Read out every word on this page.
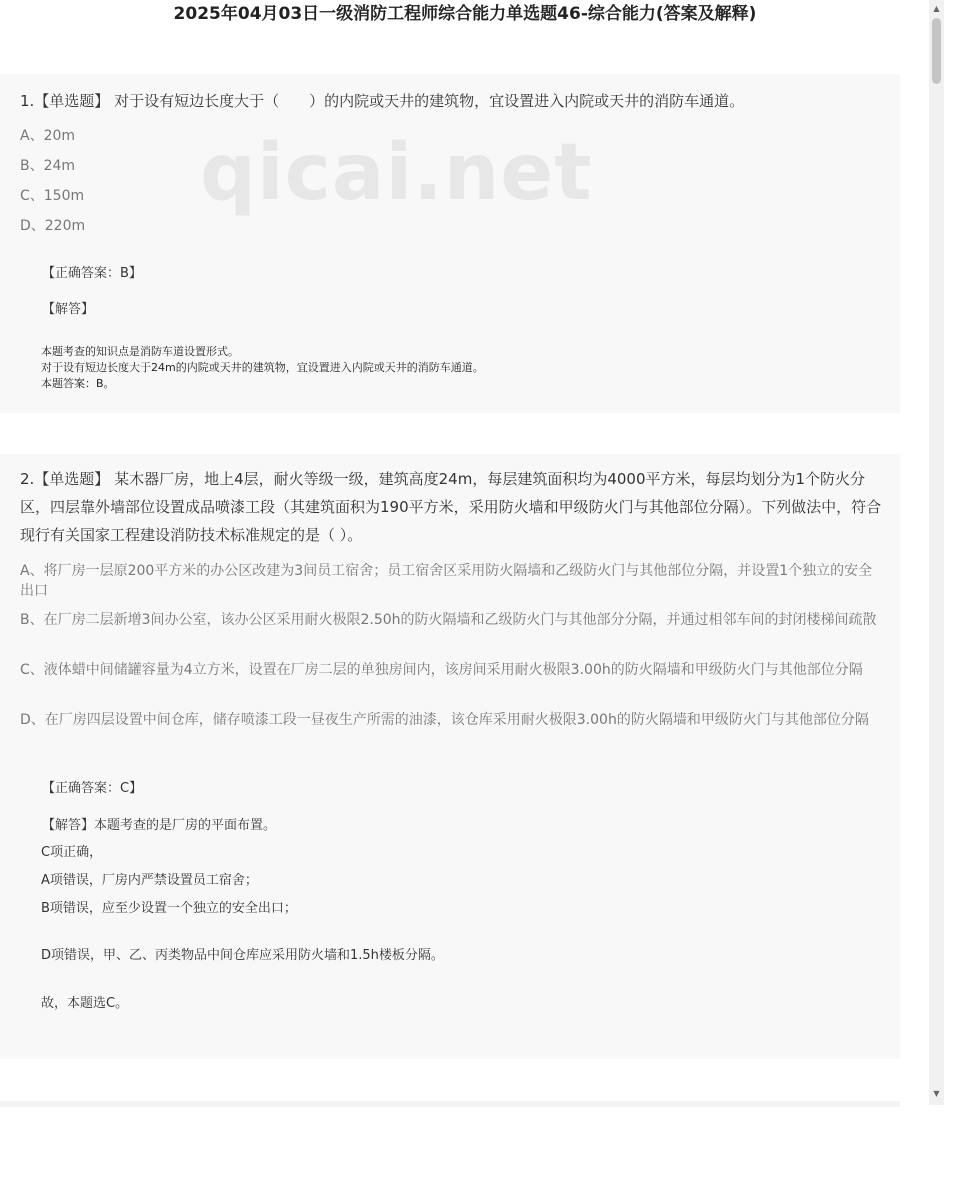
2025年04月03日一级消防工程师综合能力单选题46-综合能力(答案及解释)
1.【单选题】 对于设有短边长度大于（　　）的内院或天井的建筑物，宜设置进入内院或天井的消防车通道。
A、20m
B、24m
C、150m
D、220m
【正确答案：B】
【解答】
本题考查的知识点是消防车道设置形式。
对于设有短边长度大于24m的内院或天井的建筑物，宜设置进入内院或天井的消防车通道。
本题答案：B。
qicai.net
2.【单选题】 某木器厂房，地上4层，耐火等级一级，建筑高度24m，每层建筑面积均为4000平方米，每层均划分为1个防火分区，四层靠外墙部位设置成品喷漆工段（其建筑面积为190平方米，采用防火墙和甲级防火门与其他部位分隔）。下列做法中，符合现行有关国家工程建设消防技术标准规定的是（ ）。
A、将厂房一层原200平方米的办公区改建为3间员工宿舍；员工宿舍区采用防火隔墙和乙级防火门与其他部位分隔，并设置1个独立的安全出口
B、在厂房二层新增3间办公室，该办公区采用耐火极限2.50h的防火隔墙和乙级防火门与其他部分分隔，并通过相邻车间的封闭楼梯间疏散
C、液体蜡中间储罐容量为4立方米，设置在厂房二层的单独房间内，该房间采用耐火极限3.00h的防火隔墙和甲级防火门与其他部位分隔
D、在厂房四层设置中间仓库，储存喷漆工段一昼夜生产所需的油漆，该仓库采用耐火极限3.00h的防火隔墙和甲级防火门与其他部位分隔
【正确答案：C】
【解答】本题考查的是厂房的平面布置。
C项正确，
A项错误，厂房内严禁设置员工宿舍；
B项错误，应至少设置一个独立的安全出口；
D项错误，甲、乙、丙类物品中间仓库应采用防火墙和1.5h楼板分隔。
故，本题选C。
▲
▼
